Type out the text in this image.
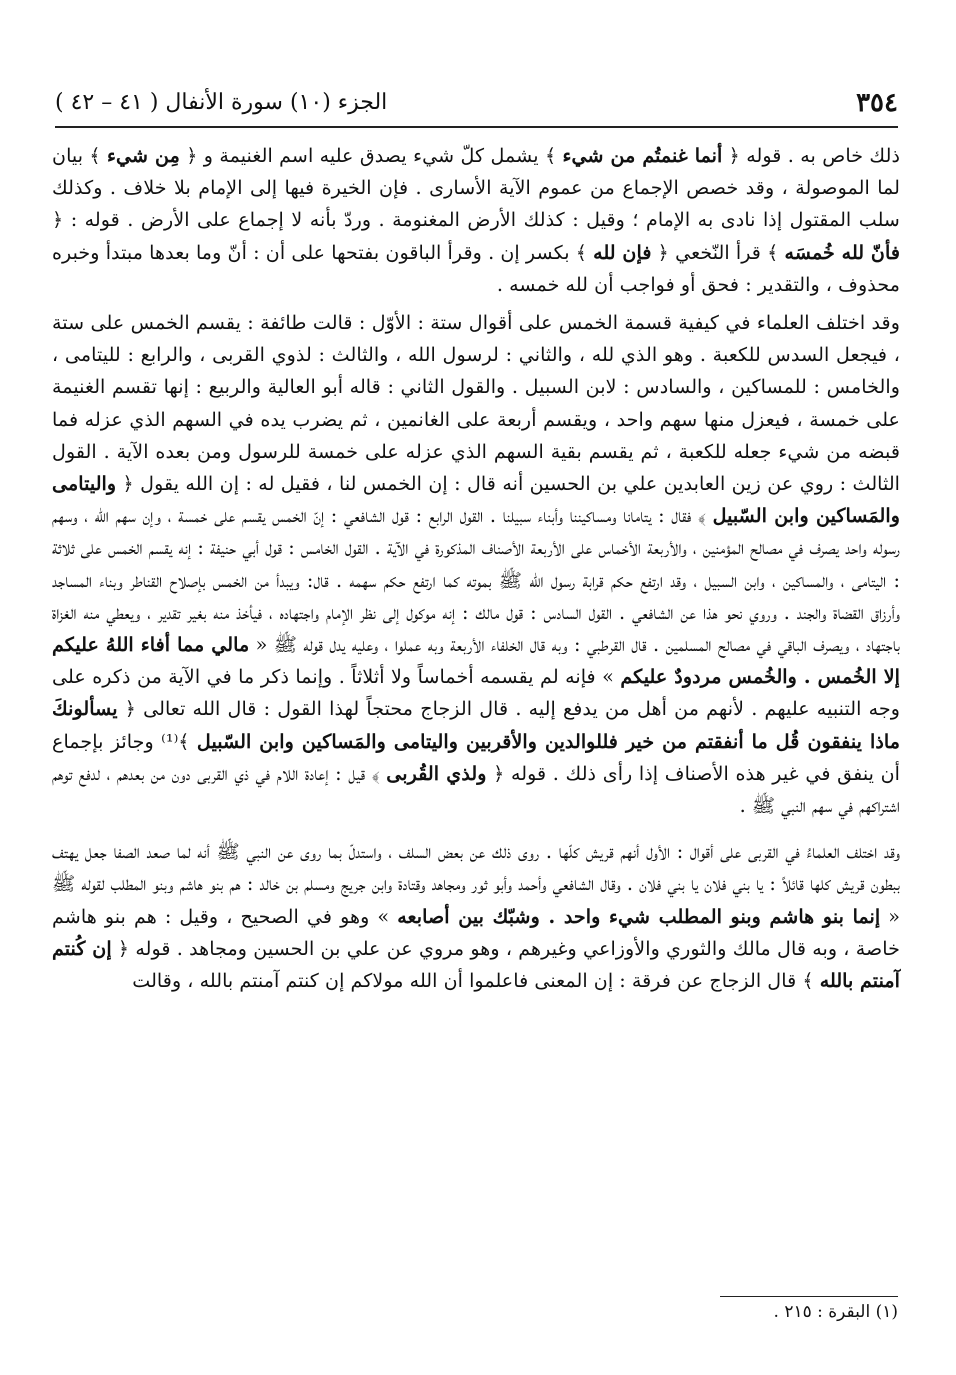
٣٥٤
الجزء (١٠) سورة الأنفال ( ٤١ – ٤٢ )

ذلك خاص به . قوله ﴿ أنما غنمتُم من شيء ﴾ يشمل كلّ شيء يصدق عليه اسم الغنيمة و ﴿ مِن شيء ﴾ بيان لما الموصولة ، وقد خصص الإجماع من عموم الآية الأسارى . فإن الخيرة فيها إلى الإمام بلا خلاف . وكذلك سلب المقتول إذا نادى به الإمام ؛ وقيل : كذلك الأرض المغنومة . وردّ بأنه لا إجماع على الأرض . قوله : ﴿ فأنّ لله خُمسَه ﴾ قرأ النّخعي ﴿ فإن لله ﴾ بكسر إن . وقرأ الباقون بفتحها على أن : أنّ وما بعدها مبتدأ وخبره محذوف ، والتقدير : فحق أو فواجب أن لله خمسه .

وقد اختلف العلماء في كيفية قسمة الخمس على أقوال ستة : الأوّل : قالت طائفة : يقسم الخمس على ستة ، فيجعل السدس للكعبة . وهو الذي لله ، والثاني : لرسول الله ، والثالث : لذوي القربى ، والرابع : لليتامى ، والخامس : للمساكين ، والسادس : لابن السبيل . والقول الثاني : قاله أبو العالية والربيع : إنها تقسم الغنيمة على خمسة ، فيعزل منها سهم واحد ، ويقسم أربعة على الغانمين ، ثم يضرب يده في السهم الذي عزله فما قبضه من شيء جعله للكعبة ، ثم يقسم بقية السهم الذي عزله على خمسة للرسول ومن بعده الآية . القول الثالث : روي عن زين العابدين علي بن الحسين أنه قال : إن الخمس لنا ، فقيل له : إن الله يقول ﴿ واليتامى والمَساكين وابن السّبيل ﴾ فقال : يتامانا ومساكيننا وأبناء سبيلنا . القول الرابع : قول الشافعي : إنّ الخمس يقسم على خمسة ، وإن سهم الله ، وسهم رسوله واحد يصرف في مصالح المؤمنين ، والأربعة الأخماس على الأربعة الأصناف المذكورة في الآية . القول الخامس : قول أبي حنيفة : إنه يقسم الخمس على ثلاثة : اليتامى ، والمساكين ، وابن السبيل ، وقد ارتفع حكم قرابة رسول الله ﷺ بموته كما ارتفع حكم سهمه . قال: ويبدأ من الخمس بإصلاح القناطر وبناء المساجد وأرزاق القضاة والجند . وروي نحو هذا عن الشافعي . القول السادس : قول مالك : إنه موكول إلى نظر الإمام واجتهاده ، فيأخذ منه بغير تقدير ، ويعطي منه الغزاة باجتهاد ، ويصرف الباقي في مصالح المسلمين . قال القرطبي : وبه قال الخلفاء الأربعة وبه عملوا ، وعليه يدل قوله ﷺ « مالي مما أفاء اللهُ عليكم إلا الخُمس . والخُمس مردودٌ عليكم » فإنه لم يقسمه أخماساً ولا أثلاثاً . وإنما ذكر ما في الآية من ذكره على وجه التنبيه عليهم . لأنهم من أهل من يدفع إليه . قال الزجاج محتجاً لهذا القول : قال الله تعالى ﴿ يسألونكَ ماذا ينفقون قُل ما أنفقتم من خير فللوالدين والأقربين واليتامى والمَساكين وابن السّبيل ﴾⁽¹⁾ وجائز بإجماع أن ينفق في غير هذه الأصناف إذا رأى ذلك . قوله ﴿ ولذي القُربى ﴾ قيل : إعادة اللام في ذي القربى دون من بعدهم ، لدفع توهم اشتراكهم في سهم النبي ﷺ .

وقد اختلف العلماءُ في القربى على أقوال : الأول أنهم قريش كلّها . روى ذلك عن بعض السلف ، واستدلّ بما روى عن النبي ﷺ أنه لما صعد الصفا جعل يهتف ببطون قريش كلها قائلاً : يا بني فلان يا بني فلان . وقال الشافعي وأحمد وأبو ثور ومجاهد وقتادة وابن جريج ومسلم بن خالد : هم بنو هاشم وبنو المطلب لقوله ﷺ « إنما بنو هاشم وبنو المطلب شيء واحد . وشبّك بين أصابعه » وهو في الصحيح ، وقيل : هم بنو هاشم خاصة ، وبه قال مالك والثوري والأوزاعي وغيرهم ، وهو مروي عن علي بن الحسين ومجاهد . قوله ﴿ إن كُنتم آمنتم بالله ﴾ قال الزجاج عن فرقة : إن المعنى فاعلموا أن الله مولاكم إن كنتم آمنتم بالله ، وقالت

(١) البقرة : ٢١٥ .
